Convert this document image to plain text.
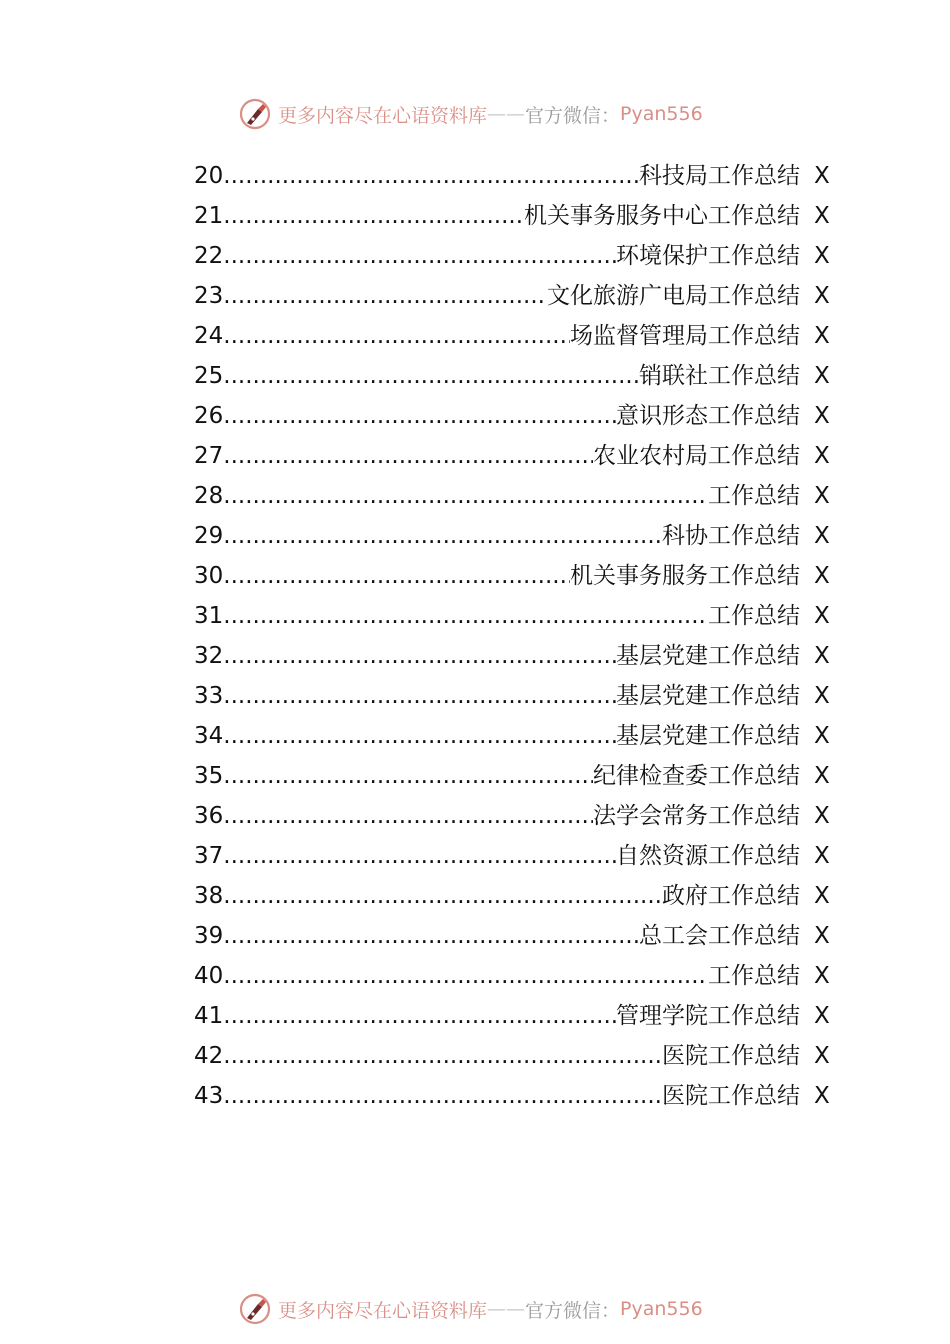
更多内容尽在心语资料库 —— 官方微信： Pyan556
20 .....	科技局工作总结 X
21 .....	机关事务服务中心工作总结 X
22 .....	环境保护工作总结 X
23 .....	文化旅游广电局工作总结 X
24 .....	场监督管理局工作总结 X
25 .....	销联社工作总结 X
26 .....	意识形态工作总结 X
27 .....	农业农村局工作总结 X
28 .....	工作总结 X
29 .....	科协工作总结 X
30 .....	机关事务服务工作总结 X
31 .....	工作总结 X
32 .....	基层党建工作总结 X
33 .....	基层党建工作总结 X
34 .....	基层党建工作总结 X
35 .....	纪律检查委工作总结 X
36 .....	法学会常务工作总结 X
37 .....	自然资源工作总结 X
38 .....	政府工作总结 X
39 .....	总工会工作总结 X
40 .....	工作总结 X
41 .....	管理学院工作总结 X
42 .....	医院工作总结 X
43 .....	医院工作总结 X
更多内容尽在心语资料库 —— 官方微信： Pyan556
